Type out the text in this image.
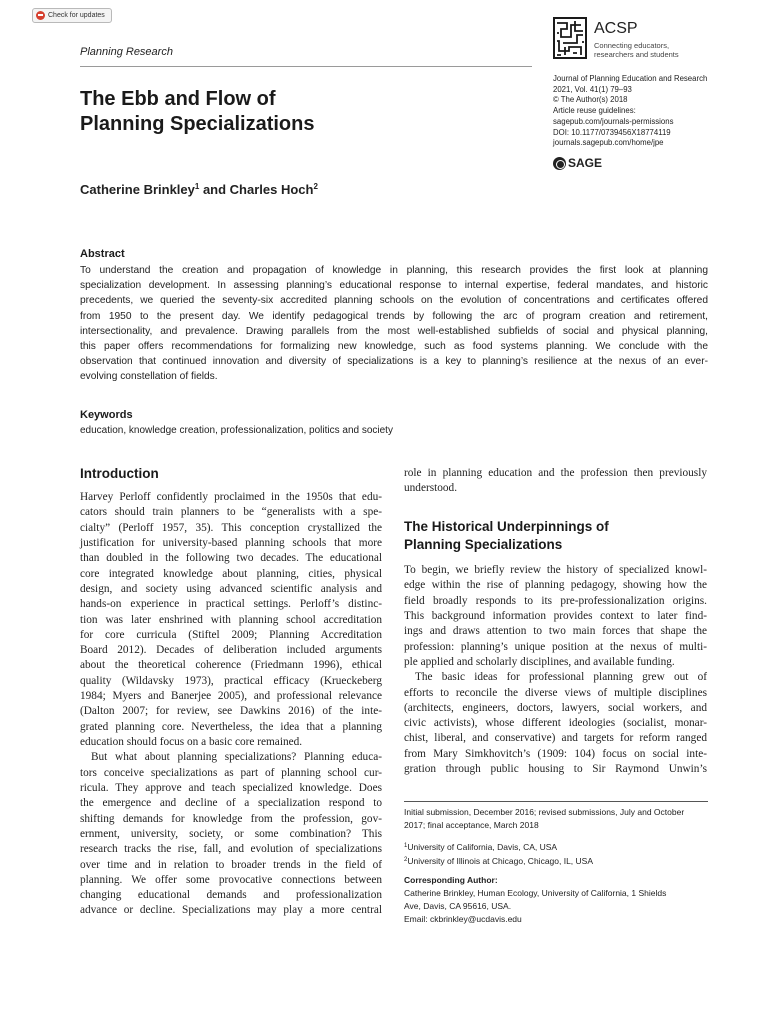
Check for updates
Planning Research
The Ebb and Flow of
Planning Specializations
Catherine Brinkley$^1$ and Charles Hoch$^2$
ACSP
Connecting educators,
researchers and students
Journal of Planning Education and Research
2021, Vol. 41(1) 79–93
© The Author(s) 2018
Article reuse guidelines:
sagepub.com/journals-permissions
DOI: 10.1177/0739456X18774119
journals.sagepub.com/home/jpe
SAGE
Abstract
To understand the creation and propagation of knowledge in planning, this research provides the first look at planning
specialization development. In assessing planning’s educational response to internal expertise, federal mandates, and historic
precedents, we queried the seventy-six accredited planning schools on the evolution of concentrations and certificates offered
from 1950 to the present day. We identify pedagogical trends by following the arc of program creation and retirement,
intersectionality, and prevalence. Drawing parallels from the most well-established subfields of social and physical planning,
this paper offers recommendations for formalizing new knowledge, such as food systems planning. We conclude with the
observation that continued innovation and diversity of specializations is a key to planning’s resilience at the nexus of an ever-
evolving constellation of fields.
Keywords
education, knowledge creation, professionalization, politics and society
Introduction
Harvey Perloff confidently proclaimed in the 1950s that edu-
cators should train planners to be “generalists with a spe-
cialty” (Perloff 1957, 35). This conception crystallized the
justification for university-based planning schools that more
than doubled in the following two decades. The educational
core integrated knowledge about planning, cities, physical
design, and society using advanced scientific analysis and
hands-on experience in practical settings. Perloff’s distinc-
tion was later enshrined with planning school accreditation
for core curricula (Stiftel 2009; Planning Accreditation
Board 2012). Decades of deliberation included arguments
about the theoretical coherence (Friedmann 1996), ethical
quality (Wildavsky 1973), practical efficacy (Krueckeberg
1984; Myers and Banerjee 2005), and professional relevance
(Dalton 2007; for review, see Dawkins 2016) of the inte-
grated planning core. Nevertheless, the idea that a planning
education should focus on a basic core remained.
But what about planning specializations? Planning educa-
tors conceive specializations as part of planning school cur-
ricula. They approve and teach specialized knowledge. Does
the emergence and decline of a specialization respond to
shifting demands for knowledge from the profession, gov-
ernment, university, society, or some combination? This
research tracks the rise, fall, and evolution of specializations
over time and in relation to broader trends in the field of
planning. We offer some provocative connections between
changing educational demands and professionalization
advance or decline. Specializations may play a more central
role in planning education and the profession then previously
understood.
The Historical Underpinnings of
Planning Specializations
To begin, we briefly review the history of specialized knowl-
edge within the rise of planning pedagogy, showing how the
field broadly responds to its pre-professionalization origins.
This background information provides context to later find-
ings and draws attention to two main forces that shape the
profession: planning’s unique position at the nexus of multi-
ple applied and scholarly disciplines, and available funding.
The basic ideas for professional planning grew out of
efforts to reconcile the diverse views of multiple disciplines
(architects, engineers, doctors, lawyers, social workers, and
civic activists), whose different ideologies (socialist, monar-
chist, liberal, and conservative) and targets for reform ranged
from Mary Simkhovitch’s (1909: 104) focus on social inte-
gration through public housing to Sir Raymond Unwin’s
Initial submission, December 2016; revised submissions, July and October
2017; final acceptance, March 2018
$^1$University of California, Davis, CA, USA
$^2$University of Illinois at Chicago, Chicago, IL, USA
Corresponding Author:
Catherine Brinkley, Human Ecology, University of California, 1 Shields
Ave, Davis, CA 95616, USA.
Email: ckbrinkley@ucdavis.edu
